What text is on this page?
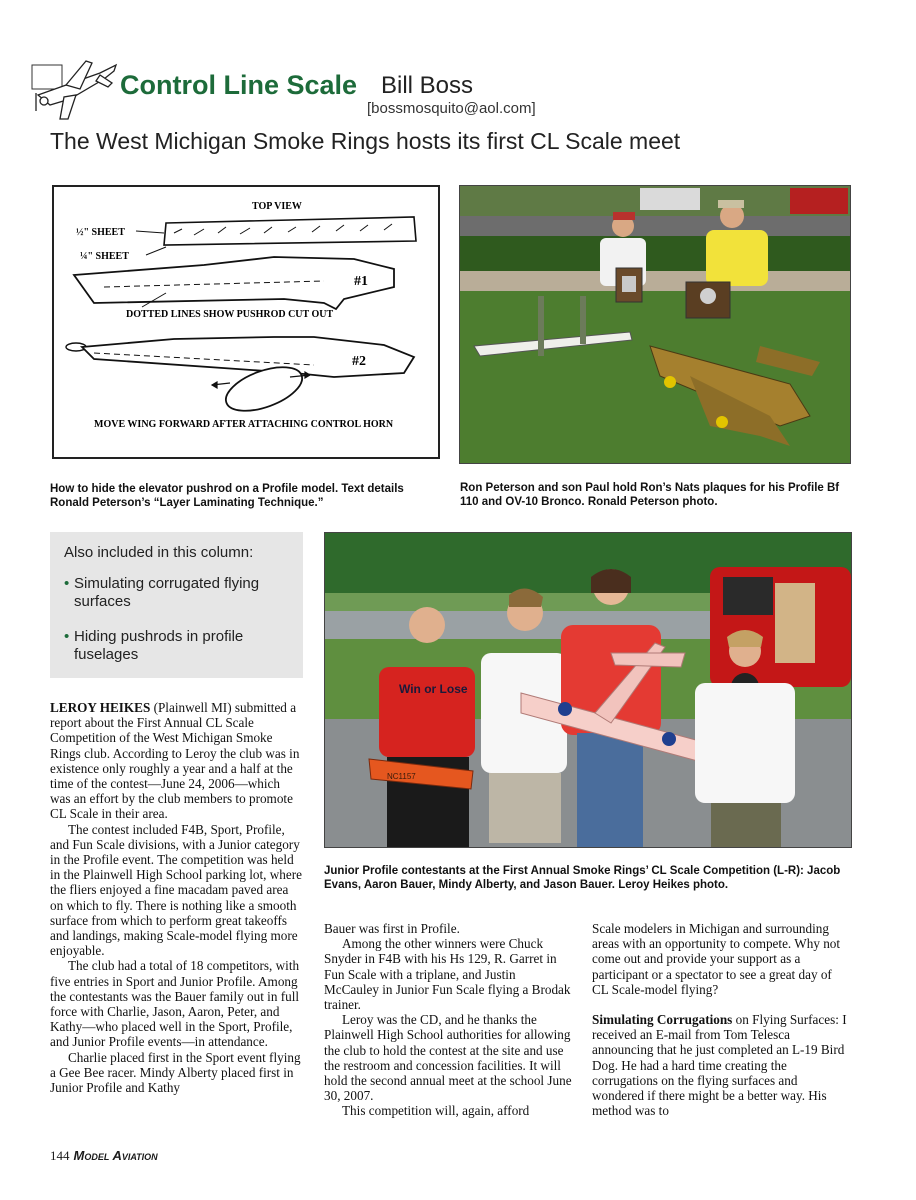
Control Line Scale Bill Boss
[bossmosquito@aol.com]
The West Michigan Smoke Rings hosts its first CL Scale meet
TOP VIEW
½" SHEET
¼" SHEET
#1
DOTTED LINES SHOW PUSHROD CUT OUT
#2
MOVE WING FORWARD AFTER ATTACHING CONTROL HORN
Also included in this column:
• Simulating corrugated flying surfaces
• Hiding pushrods in profile fuselages
Win or Lose
NC1157
How to hide the elevator pushrod on a Profile model. Text details Ronald Peterson’s “Layer Laminating Technique.”
Ron Peterson and son Paul hold Ron’s Nats plaques for his Profile Bf 110 and OV-10 Bronco. Ronald Peterson photo.
Junior Profile contestants at the First Annual Smoke Rings’ CL Scale Competition (L-R): Jacob Evans, Aaron Bauer, Mindy Alberty, and Jason Bauer. Leroy Heikes photo.

LEROY HEIKES (Plainwell MI) submitted a report about the First Annual CL Scale Competition of the West Michigan Smoke Rings club. According to Leroy the club was in existence only roughly a year and a half at the time of the contest—June 24, 2006—which was an effort by the club members to promote CL Scale in their area.

The contest included F4B, Sport, Profile, and Fun Scale divisions, with a Junior category in the Profile event. The competition was held in the Plainwell High School parking lot, where the fliers enjoyed a fine macadam paved area on which to fly. There is nothing like a smooth surface from which to perform great takeoffs and landings, making Scale-model flying more enjoyable.

The club had a total of 18 competitors, with five entries in Sport and Junior Profile. Among the contestants was the Bauer family out in full force with Charlie, Jason, Aaron, Peter, and Kathy—who placed well in the Sport, Profile, and Junior Profile events—in attendance.

Charlie placed first in the Sport event flying a Gee Bee racer. Mindy Alberty placed first in Junior Profile and Kathy

Bauer was first in Profile.

Among the other winners were Chuck Snyder in F4B with his Hs 129, R. Garret in Fun Scale with a triplane, and Justin McCauley in Junior Fun Scale flying a Brodak trainer.

Leroy was the CD, and he thanks the Plainwell High School authorities for allowing the club to hold the contest at the site and use the restroom and concession facilities. It will hold the second annual meet at the school June 30, 2007.

This competition will, again, afford

Scale modelers in Michigan and surrounding areas with an opportunity to compete. Why not come out and provide your support as a participant or a spectator to see a great day of CL Scale-model flying?

Simulating Corrugations on Flying Surfaces: I received an E-mail from Tom Telesca announcing that he just completed an L-19 Bird Dog. He had a hard time creating the corrugations on the flying surfaces and wondered if there might be a better way. His method was to

144 Model Aviation
